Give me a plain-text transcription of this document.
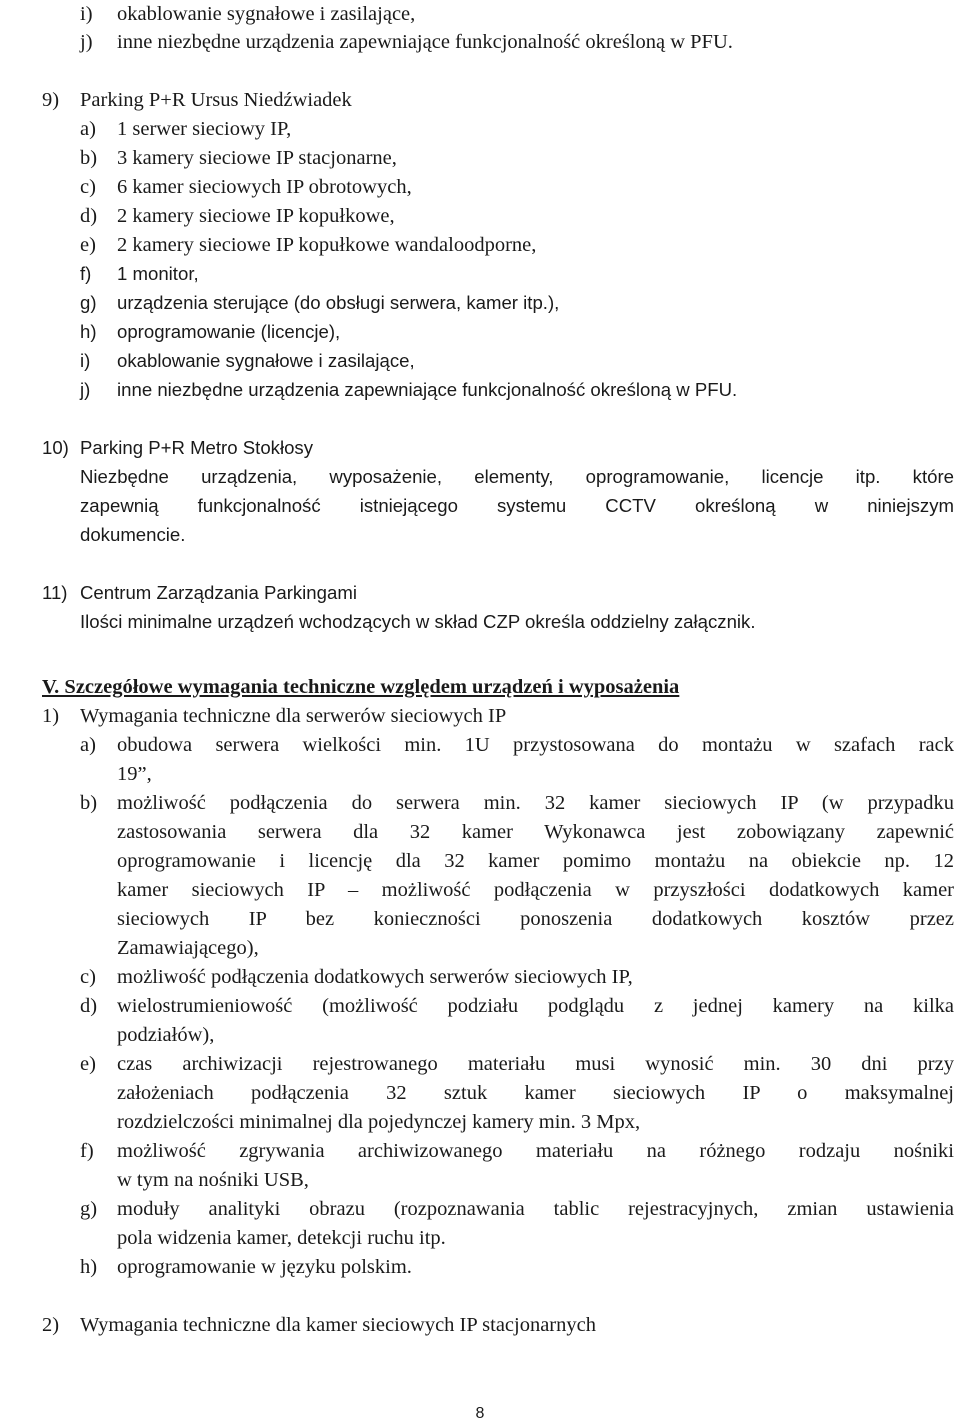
i) okablowanie sygnałowe i zasilające,
j) inne niezbędne urządzenia zapewniające funkcjonalność określoną w PFU.
9) Parking P+R Ursus Niedźwiadek
a) 1 serwer sieciowy IP,
b) 3 kamery sieciowe IP stacjonarne,
c) 6 kamer sieciowych IP obrotowych,
d) 2 kamery sieciowe IP kopułkowe,
e) 2 kamery sieciowe IP kopułkowe wandaloodporne,
f) 1 monitor,
g) urządzenia sterujące (do obsługi serwera, kamer itp.),
h) oprogramowanie (licencje),
i) okablowanie sygnałowe i zasilające,
j) inne niezbędne urządzenia zapewniające funkcjonalność określoną w PFU.
10) Parking P+R Metro Stokłosy
Niezbędne urządzenia, wyposażenie, elementy, oprogramowanie, licencje itp. które
zapewnią funkcjonalność istniejącego systemu CCTV określoną w niniejszym
dokumencie.
11) Centrum Zarządzania Parkingami
Ilości minimalne urządzeń wchodzących w skład CZP określa oddzielny załącznik.
V. Szczegółowe wymagania techniczne względem urządzeń i wyposażenia
1) Wymagania techniczne dla serwerów sieciowych IP
a) obudowa serwera wielkości min. 1U przystosowana do montażu w szafach rack
19”,
b) możliwość podłączenia do serwera min. 32 kamer sieciowych IP (w przypadku
zastosowania serwera dla 32 kamer Wykonawca jest zobowiązany zapewnić
oprogramowanie i licencję dla 32 kamer pomimo montażu na obiekcie np. 12
kamer sieciowych IP – możliwość podłączenia w przyszłości dodatkowych kamer
sieciowych IP bez konieczności ponoszenia dodatkowych kosztów przez
Zamawiającego),
c) możliwość podłączenia dodatkowych serwerów sieciowych IP,
d) wielostrumieniowość (możliwość podziału podglądu z jednej kamery na kilka
podziałów),
e) czas archiwizacji rejestrowanego materiału musi wynosić min. 30 dni przy
założeniach podłączenia 32 sztuk kamer sieciowych IP o maksymalnej
rozdzielczości minimalnej dla pojedynczej kamery min. 3 Mpx,
f) możliwość zgrywania archiwizowanego materiału na różnego rodzaju nośniki
w tym na nośniki USB,
g) moduły analityki obrazu (rozpoznawania tablic rejestracyjnych, zmian ustawienia
pola widzenia kamer, detekcji ruchu itp.
h) oprogramowanie w języku polskim.
2) Wymagania techniczne dla kamer sieciowych IP stacjonarnych
8
